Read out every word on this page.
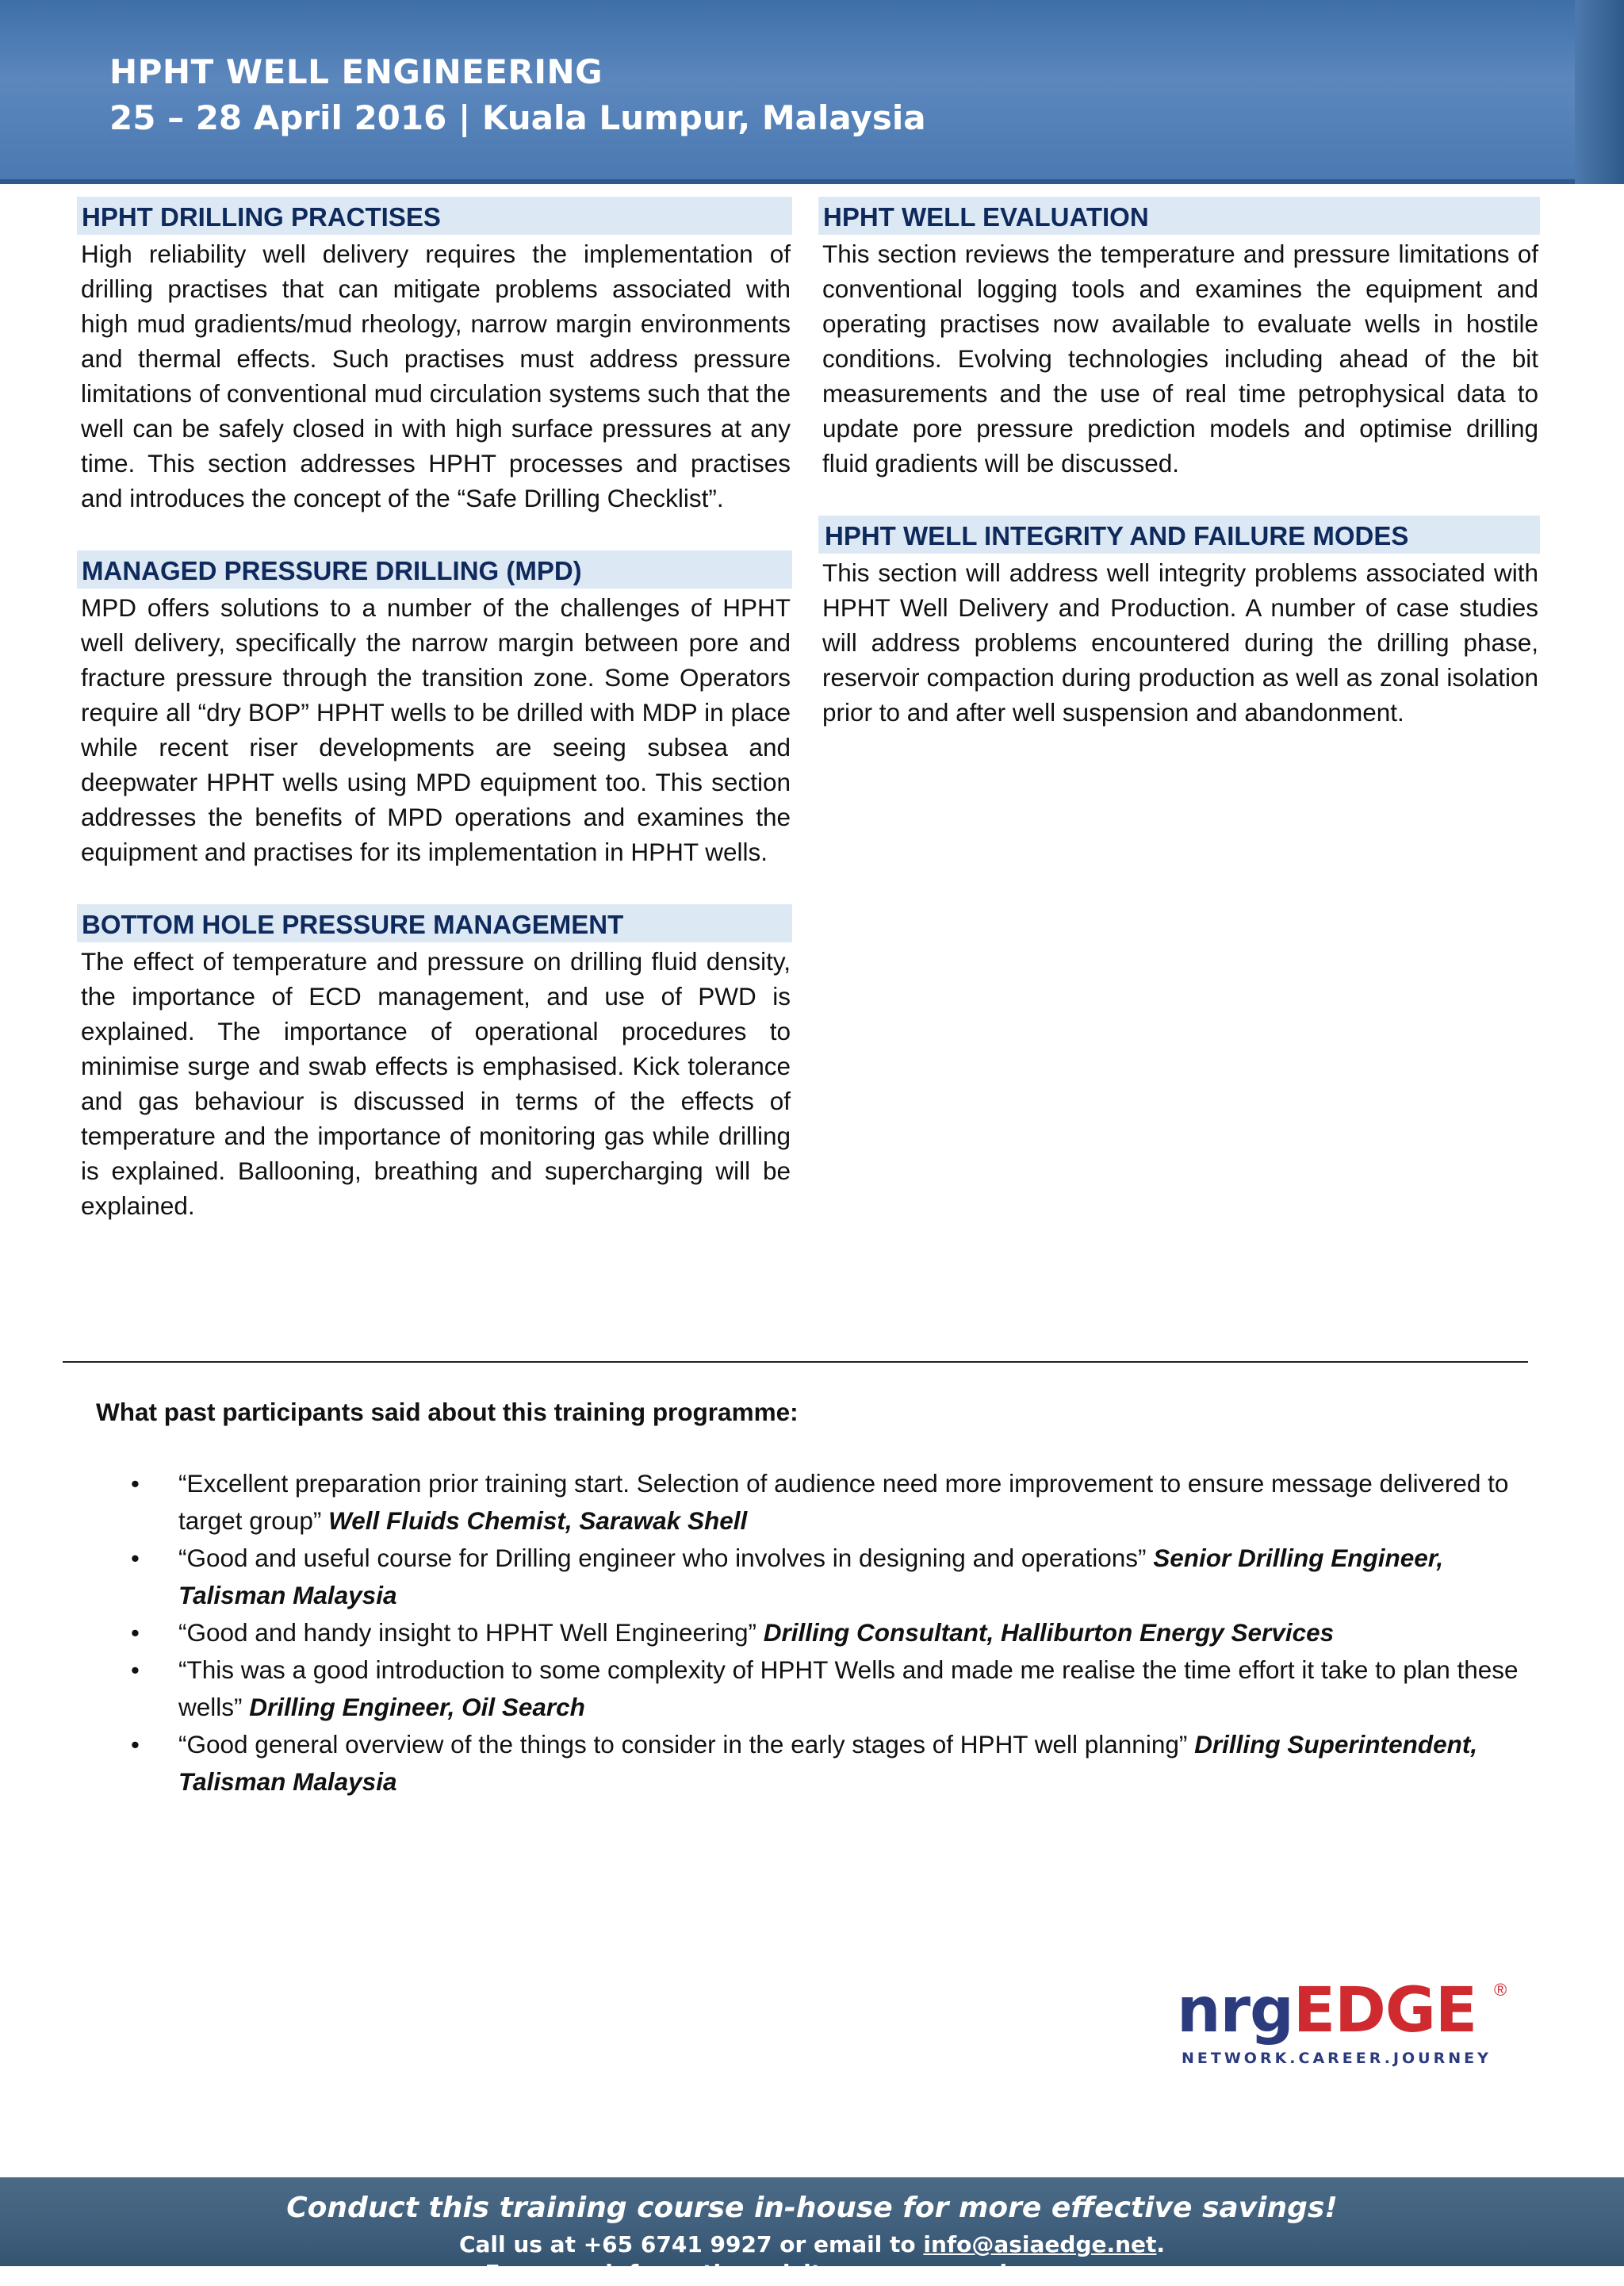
HPHT WELL ENGINEERING
25 – 28 April 2016 | Kuala Lumpur, Malaysia
HPHT DRILLING PRACTISES
High reliability well delivery requires the implementation of drilling practises that can mitigate problems associated with high mud gradients/mud rheology, narrow margin environments and thermal effects. Such practises must address pressure limitations of conventional mud circulation systems such that the well can be safely closed in with high surface pressures at any time. This section addresses HPHT processes and practises and introduces the concept of the “Safe Drilling Checklist”.
MANAGED PRESSURE DRILLING (MPD)
MPD offers solutions to a number of the challenges of HPHT well delivery, specifically the narrow margin between pore and fracture pressure through the transition zone. Some Operators require all “dry BOP” HPHT wells to be drilled with MDP in place while recent riser developments are seeing subsea and deepwater HPHT wells using MPD equipment too. This section addresses the benefits of MPD operations and examines the equipment and practises for its implementation in HPHT wells.
BOTTOM HOLE PRESSURE MANAGEMENT
The effect of temperature and pressure on drilling fluid density, the importance of ECD management, and use of PWD is explained. The importance of operational procedures to minimise surge and swab effects is emphasised. Kick tolerance and gas behaviour is discussed in terms of the effects of temperature and the importance of monitoring gas while drilling is explained. Ballooning, breathing and supercharging will be explained.
HPHT WELL EVALUATION
This section reviews the temperature and pressure limitations of conventional logging tools and examines the equipment and operating practises now available to evaluate wells in hostile conditions. Evolving technologies including ahead of the bit measurements and the use of real time petrophysical data to update pore pressure prediction models and optimise drilling fluid gradients will be discussed.
HPHT WELL INTEGRITY AND FAILURE MODES
This section will address well integrity problems associated with HPHT Well Delivery and Production. A number of case studies will address problems encountered during the drilling phase, reservoir compaction during production as well as zonal isolation prior to and after well suspension and abandonment.
What past participants said about this training programme:
• “Excellent preparation prior training start. Selection of audience need more improvement to ensure message delivered to target group” Well Fluids Chemist, Sarawak Shell
• “Good and useful course for Drilling engineer who involves in designing and operations” Senior Drilling Engineer, Talisman Malaysia
• “Good and handy insight to HPHT Well Engineering” Drilling Consultant, Halliburton Energy Services
• “This was a good introduction to some complexity of HPHT Wells and made me realise the time effort it take to plan these wells” Drilling Engineer, Oil Search
• “Good general overview of the things to consider in the early stages of HPHT well planning” Drilling Superintendent, Talisman Malaysia
nrgEDGE ®
NETWORK.CAREER.JOURNEY
Conduct this training course in-house for more effective savings!
Call us at +65 6741 9927 or email to info@asiaedge.net.
For more information, visit our company homepage.
